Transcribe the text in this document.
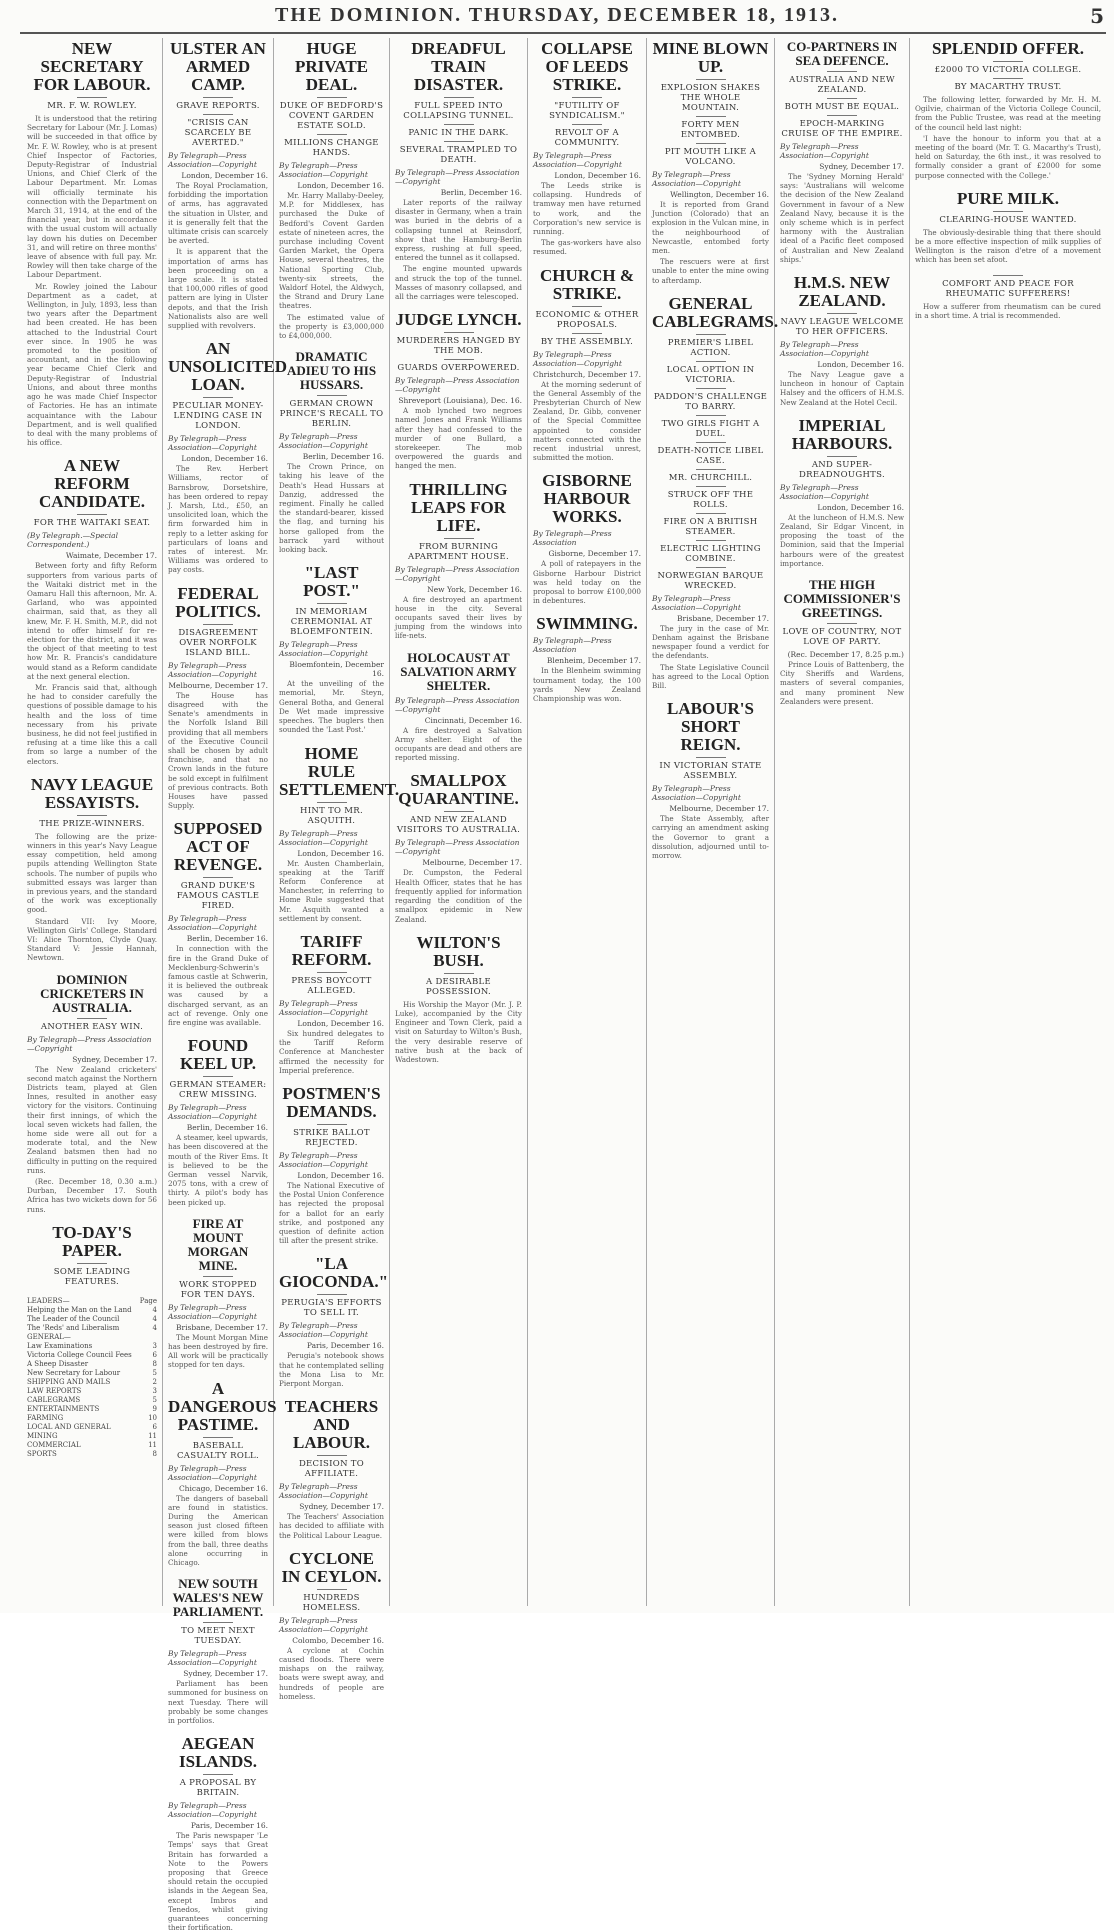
THE DOMINION. THURSDAY, DECEMBER 18, 1913.	5
NEW SECRETARY FOR LABOUR.
MR. F. W. ROWLEY.

It is understood that the retiring Secretary for Labour (Mr. J. Lomas) will be succeeded in that office by Mr. F. W. Rowley, who is at present Chief Inspector of Factories, Deputy-Registrar of Industrial Unions, and Chief Clerk of the Labour Department. Mr. Lomas will officially terminate his connection with the Department on March 31, 1914, at the end of the financial year, but in accordance with the usual custom will actually lay down his duties on December 31, and will retire on three months' leave of absence with full pay. Mr. Rowley will then take charge of the Labour Department.

Mr. Rowley joined the Labour Department as a cadet, at Wellington, in July, 1893, less than two years after the Department had been created. He has been attached to the Industrial Court ever since. In 1905 he was promoted to the position of accountant, and in the following year became Chief Clerk and Deputy-Registrar of Industrial Unions, and about three months ago he was made Chief Inspector of Factories. He has an intimate acquaintance with the Labour Department, and is well qualified to deal with the many problems of his office.

A NEW REFORM CANDIDATE.
FOR THE WAITAKI SEAT.
(By Telegraph.—Special Correspondent.)
Waimate, December 17.

Between forty and fifty Reform supporters from various parts of the Waitaki district met in the Oamaru Hall this afternoon, Mr. A. Garland, who was appointed chairman, said that, as they all knew, Mr. F. H. Smith, M.P., did not intend to offer himself for re-election for the district, and it was the object of that meeting to test how Mr. R. Francis's candidature would stand as a Reform candidate at the next general election.

Mr. Francis said that, although he had to consider carefully the questions of possible damage to his health and the loss of time necessary from his private business, he did not feel justified in refusing at a time like this a call from so large a number of the electors.

NAVY LEAGUE ESSAYISTS.
THE PRIZE-WINNERS.

The following are the prize-winners in this year's Navy League essay competition, held among pupils attending Wellington State schools. The number of pupils who submitted essays was larger than in previous years, and the standard of the work was exceptionally good.

Standard VII: Ivy Moore, Wellington Girls' College. Standard VI: Alice Thornton, Clyde Quay. Standard V: Jessie Hannah, Newtown.

DOMINION CRICKETERS IN AUSTRALIA.
ANOTHER EASY WIN.
By Telegraph—Press Association—Copyright
Sydney, December 17.

The New Zealand cricketers' second match against the Northern Districts team, played at Glen Innes, resulted in another easy victory for the visitors. Continuing their first innings, of which the local seven wickets had fallen, the home side were all out for a moderate total, and the New Zealand batsmen then had no difficulty in putting on the required runs.

(Rec. December 18, 0.30 a.m.) Durban, December 17. South Africa has two wickets down for 56 runs.

TO-DAY'S PAPER.
SOME LEADING FEATURES.
LEADERS—	Page
Helping the Man on the Land	4
The Leader of the Council	4
The 'Reds' and Liberalism	4
GENERAL—
Law Examinations	3
Victoria College Council Fees	6
A Sheep Disaster	8
New Secretary for Labour	5
SHIPPING AND MAILS	2
LAW REPORTS	3
CABLEGRAMS	5
ENTERTAINMENTS	9
FARMING	10
LOCAL AND GENERAL	6
MINING	11
COMMERCIAL	11
SPORTS	8
ULSTER AN ARMED CAMP.
GRAVE REPORTS.
"CRISIS CAN SCARCELY BE AVERTED."
By Telegraph—Press Association—Copyright
London, December 16.

The Royal Proclamation, forbidding the importation of arms, has aggravated the situation in Ulster, and it is generally felt that the ultimate crisis can scarcely be averted.

It is apparent that the importation of arms has been proceeding on a large scale. It is stated that 100,000 rifles of good pattern are lying in Ulster depots, and that the Irish Nationalists also are well supplied with revolvers.

AN UNSOLICITED LOAN.
PECULIAR MONEY-LENDING CASE IN LONDON.
By Telegraph—Press Association—Copyright
London, December 16.

The Rev. Herbert Williams, rector of Barnsbrow, Dorsetshire, has been ordered to repay J. Marsh, Ltd., £50, an unsolicited loan, which the firm forwarded him in reply to a letter asking for particulars of loans and rates of interest. Mr. Williams was ordered to pay costs.

FEDERAL POLITICS.
DISAGREEMENT OVER NORFOLK ISLAND BILL.
By Telegraph—Press Association—Copyright
Melbourne, December 17.

The House has disagreed with the Senate's amendments in the Norfolk Island Bill providing that all members of the Executive Council shall be chosen by adult franchise, and that no Crown lands in the future be sold except in fulfilment of previous contracts. Both Houses have passed Supply.

SUPPOSED ACT OF REVENGE.
GRAND DUKE'S FAMOUS CASTLE FIRED.
By Telegraph—Press Association—Copyright
Berlin, December 16.

In connection with the fire in the Grand Duke of Mecklenburg-Schwerin's famous castle at Schwerin, it is believed the outbreak was caused by a discharged servant, as an act of revenge. Only one fire engine was available.

FOUND KEEL UP.
GERMAN STEAMER: CREW MISSING.
By Telegraph—Press Association—Copyright
Berlin, December 16.

A steamer, keel upwards, has been discovered at the mouth of the River Ems. It is believed to be the German vessel Narvik, 2075 tons, with a crew of thirty. A pilot's body has been picked up.

FIRE AT MOUNT MORGAN MINE.
WORK STOPPED FOR TEN DAYS.
By Telegraph—Press Association—Copyright
Brisbane, December 17.

The Mount Morgan Mine has been destroyed by fire. All work will be practically stopped for ten days.

A DANGEROUS PASTIME.
BASEBALL CASUALTY ROLL.
By Telegraph—Press Association—Copyright
Chicago, December 16.

The dangers of baseball are found in statistics. During the American season just closed fifteen were killed from blows from the ball, three deaths alone occurring in Chicago.

NEW SOUTH WALES'S NEW PARLIAMENT.
TO MEET NEXT TUESDAY.
By Telegraph—Press Association—Copyright
Sydney, December 17.

Parliament has been summoned for business on next Tuesday. There will probably be some changes in portfolios.

AEGEAN ISLANDS.
A PROPOSAL BY BRITAIN.
By Telegraph—Press Association—Copyright
Paris, December 16.

The Paris newspaper 'Le Temps' says that Great Britain has forwarded a Note to the Powers proposing that Greece should retain the occupied islands in the Aegean Sea, except Imbros and Tenedos, whilst giving guarantees concerning their fortification.

HUGE PRIVATE DEAL.
DUKE OF BEDFORD'S COVENT GARDEN ESTATE SOLD.
MILLIONS CHANGE HANDS.
By Telegraph—Press Association—Copyright
London, December 16.

Mr. Harry Mallaby-Deeley, M.P. for Middlesex, has purchased the Duke of Bedford's Covent Garden estate of nineteen acres, the purchase including Covent Garden Market, the Opera House, several theatres, the National Sporting Club, twenty-six streets, the Waldorf Hotel, the Aldwych, the Strand and Drury Lane theatres.

The estimated value of the property is £3,000,000 to £4,000,000.

DRAMATIC ADIEU TO HIS HUSSARS.
GERMAN CROWN PRINCE'S RECALL TO BERLIN.
By Telegraph—Press Association—Copyright
Berlin, December 16.

The Crown Prince, on taking his leave of the Death's Head Hussars at Danzig, addressed the regiment. Finally he called the standard-bearer, kissed the flag, and turning his horse galloped from the barrack yard without looking back.

"LAST POST."
IN MEMORIAM CEREMONIAL AT BLOEMFONTEIN.
By Telegraph—Press Association—Copyright
Bloemfontein, December 16.

At the unveiling of the memorial, Mr. Steyn, General Botha, and General De Wet made impressive speeches. The buglers then sounded the 'Last Post.'

HOME RULE SETTLEMENT.
HINT TO MR. ASQUITH.
By Telegraph—Press Association—Copyright
London, December 16.

Mr. Austen Chamberlain, speaking at the Tariff Reform Conference at Manchester, in referring to Home Rule suggested that Mr. Asquith wanted a settlement by consent.

TARIFF REFORM.
PRESS BOYCOTT ALLEGED.
By Telegraph—Press Association—Copyright
London, December 16.

Six hundred delegates to the Tariff Reform Conference at Manchester affirmed the necessity for Imperial preference.

POSTMEN'S DEMANDS.
STRIKE BALLOT REJECTED.
By Telegraph—Press Association—Copyright
London, December 16.

The National Executive of the Postal Union Conference has rejected the proposal for a ballot for an early strike, and postponed any question of definite action till after the present strike.

"LA GIOCONDA."
PERUGIA'S EFFORTS TO SELL IT.
By Telegraph—Press Association—Copyright
Paris, December 16.

Perugia's notebook shows that he contemplated selling the Mona Lisa to Mr. Pierpont Morgan.

TEACHERS AND LABOUR.
DECISION TO AFFILIATE.
By Telegraph—Press Association—Copyright
Sydney, December 17.

The Teachers' Association has decided to affiliate with the Political Labour League.

CYCLONE IN CEYLON.
HUNDREDS HOMELESS.
By Telegraph—Press Association—Copyright
Colombo, December 16.

A cyclone at Cochin caused floods. There were mishaps on the railway, boats were swept away, and hundreds of people are homeless.

DREADFUL TRAIN DISASTER.
FULL SPEED INTO COLLAPSING TUNNEL.
PANIC IN THE DARK.
SEVERAL TRAMPLED TO DEATH.
By Telegraph—Press Association—Copyright
Berlin, December 16.

Later reports of the railway disaster in Germany, when a train was buried in the debris of a collapsing tunnel at Reinsdorf, show that the Hamburg-Berlin express, rushing at full speed, entered the tunnel as it collapsed.

The engine mounted upwards and struck the top of the tunnel. Masses of masonry collapsed, and all the carriages were telescoped.

JUDGE LYNCH.
MURDERERS HANGED BY THE MOB.
GUARDS OVERPOWERED.
By Telegraph—Press Association—Copyright
Shreveport (Louisiana), Dec. 16.

A mob lynched two negroes named Jones and Frank Williams after they had confessed to the murder of one Bullard, a storekeeper. The mob overpowered the guards and hanged the men.

THRILLING LEAPS FOR LIFE.
FROM BURNING APARTMENT HOUSE.
By Telegraph—Press Association—Copyright
New York, December 16.

A fire destroyed an apartment house in the city. Several occupants saved their lives by jumping from the windows into life-nets.

HOLOCAUST AT SALVATION ARMY SHELTER.
By Telegraph—Press Association—Copyright
Cincinnati, December 16.

A fire destroyed a Salvation Army shelter. Eight of the occupants are dead and others are reported missing.

SMALLPOX QUARANTINE.
AND NEW ZEALAND VISITORS TO AUSTRALIA.
By Telegraph—Press Association—Copyright
Melbourne, December 17.

Dr. Cumpston, the Federal Health Officer, states that he has frequently applied for information regarding the condition of the smallpox epidemic in New Zealand.

WILTON'S BUSH.
A DESIRABLE POSSESSION.

His Worship the Mayor (Mr. J. P. Luke), accompanied by the City Engineer and Town Clerk, paid a visit on Saturday to Wilton's Bush, the very desirable reserve of native bush at the back of Wadestown.

COLLAPSE OF LEEDS STRIKE.
"FUTILITY OF SYNDICALISM."
REVOLT OF A COMMUNITY.
By Telegraph—Press Association—Copyright
London, December 16.

The Leeds strike is collapsing. Hundreds of tramway men have returned to work, and the Corporation's new service is running.

The gas-workers have also resumed.

CHURCH & STRIKE.
ECONOMIC & OTHER PROPOSALS.
BY THE ASSEMBLY.
By Telegraph—Press Association—Copyright
Christchurch, December 17.

At the morning sederunt of the General Assembly of the Presbyterian Church of New Zealand, Dr. Gibb, convener of the Special Committee appointed to consider matters connected with the recent industrial unrest, submitted the motion.

GISBORNE HARBOUR WORKS.
By Telegraph—Press Association
Gisborne, December 17.

A poll of ratepayers in the Gisborne Harbour District was held today on the proposal to borrow £100,000 in debentures.

SWIMMING.
By Telegraph—Press Association
Blenheim, December 17.

In the Blenheim swimming tournament today, the 100 yards New Zealand Championship was won.

MINE BLOWN UP.
EXPLOSION SHAKES THE WHOLE MOUNTAIN.
FORTY MEN ENTOMBED.
PIT MOUTH LIKE A VOLCANO.
By Telegraph—Press Association—Copyright
Wellington, December 16.

It is reported from Grand Junction (Colorado) that an explosion in the Vulcan mine, in the neighbourhood of Newcastle, entombed forty men.

The rescuers were at first unable to enter the mine owing to afterdamp.

GENERAL CABLEGRAMS.
PREMIER'S LIBEL ACTION.
LOCAL OPTION IN VICTORIA.
PADDON'S CHALLENGE TO BARRY.
TWO GIRLS FIGHT A DUEL.
DEATH-NOTICE LIBEL CASE.
MR. CHURCHILL.
STRUCK OFF THE ROLLS.
FIRE ON A BRITISH STEAMER.
ELECTRIC LIGHTING COMBINE.
NORWEGIAN BARQUE WRECKED.
By Telegraph—Press Association—Copyright
Brisbane, December 17.

The jury in the case of Mr. Denham against the Brisbane newspaper found a verdict for the defendants.

The State Legislative Council has agreed to the Local Option Bill.

LABOUR'S SHORT REIGN.
IN VICTORIAN STATE ASSEMBLY.
By Telegraph—Press Association—Copyright
Melbourne, December 17.

The State Assembly, after carrying an amendment asking the Governor to grant a dissolution, adjourned until to-morrow.

CO-PARTNERS IN SEA DEFENCE.
AUSTRALIA AND NEW ZEALAND.
BOTH MUST BE EQUAL.
EPOCH-MARKING CRUISE OF THE EMPIRE.
By Telegraph—Press Association—Copyright
Sydney, December 17.

The 'Sydney Morning Herald' says: 'Australians will welcome the decision of the New Zealand Government in favour of a New Zealand Navy, because it is the only scheme which is in perfect harmony with the Australian ideal of a Pacific fleet composed of Australian and New Zealand ships.'

H.M.S. NEW ZEALAND.
NAVY LEAGUE WELCOME TO HER OFFICERS.
By Telegraph—Press Association—Copyright
London, December 16.

The Navy League gave a luncheon in honour of Captain Halsey and the officers of H.M.S. New Zealand at the Hotel Cecil.

IMPERIAL HARBOURS.
AND SUPER-DREADNOUGHTS.
By Telegraph—Press Association—Copyright
London, December 16.

At the luncheon of H.M.S. New Zealand, Sir Edgar Vincent, in proposing the toast of the Dominion, said that the Imperial harbours were of the greatest importance.

THE HIGH COMMISSIONER'S GREETINGS.
LOVE OF COUNTRY, NOT LOVE OF PARTY.
(Rec. December 17, 8.25 p.m.)

Prince Louis of Battenberg, the City Sheriffs and Wardens, masters of several companies, and many prominent New Zealanders were present.

SPLENDID OFFER.
£2000 TO VICTORIA COLLEGE.
BY MACARTHY TRUST.

The following letter, forwarded by Mr. H. M. Ogilvie, chairman of the Victoria College Council, from the Public Trustee, was read at the meeting of the council held last night:

'I have the honour to inform you that at a meeting of the board (Mr. T. G. Macarthy's Trust), held on Saturday, the 6th inst., it was resolved to formally consider a grant of £2000 for some purpose connected with the College.'

PURE MILK.
CLEARING-HOUSE WANTED.

The obviously-desirable thing that there should be a more effective inspection of milk supplies of Wellington is the raison d'etre of a movement which has been set afoot.

COMFORT AND PEACE FOR RHEUMATIC SUFFERERS!

How a sufferer from rheumatism can be cured in a short time. A trial is recommended.
